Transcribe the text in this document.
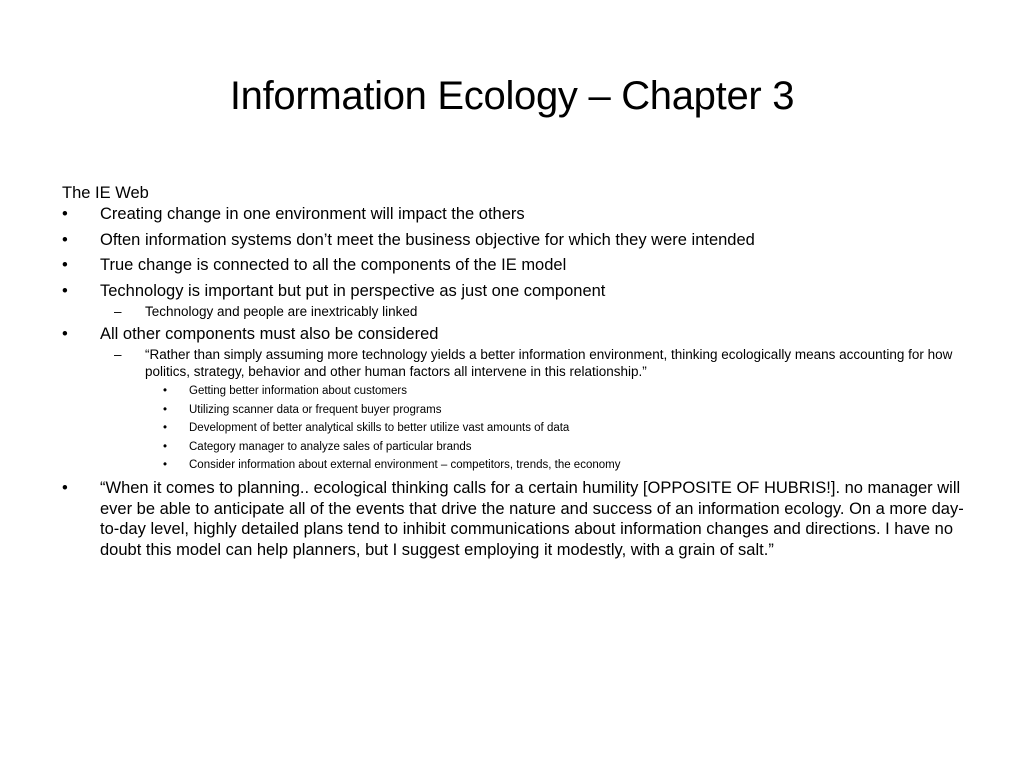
Information Ecology – Chapter 3

The IE Web

• Creating change in one environment will impact the others

• Often information systems don’t meet the business objective for which they were intended

• True change is connected to all the components of the IE model

• Technology is important but put in perspective as just one component

– Technology and people are inextricably linked

• All other components must also be considered

– “Rather than simply assuming more technology yields a better information environment, thinking ecologically means accounting for how politics, strategy, behavior and other human factors all intervene in this relationship.”

• Getting better information about customers

• Utilizing scanner data or frequent buyer programs

• Development of better analytical skills to better utilize vast amounts of data

• Category manager to analyze sales of particular brands

• Consider information about external environment – competitors, trends, the economy

• “When it comes to planning.. ecological thinking calls for a certain humility [OPPOSITE OF HUBRIS!]. no manager will ever be able to anticipate all of the events that drive the nature and success of an information ecology. On a more day-to-day level, highly detailed plans tend to inhibit communications about information changes and directions. I have no doubt this model can help planners, but I suggest employing it modestly, with a grain of salt.”
